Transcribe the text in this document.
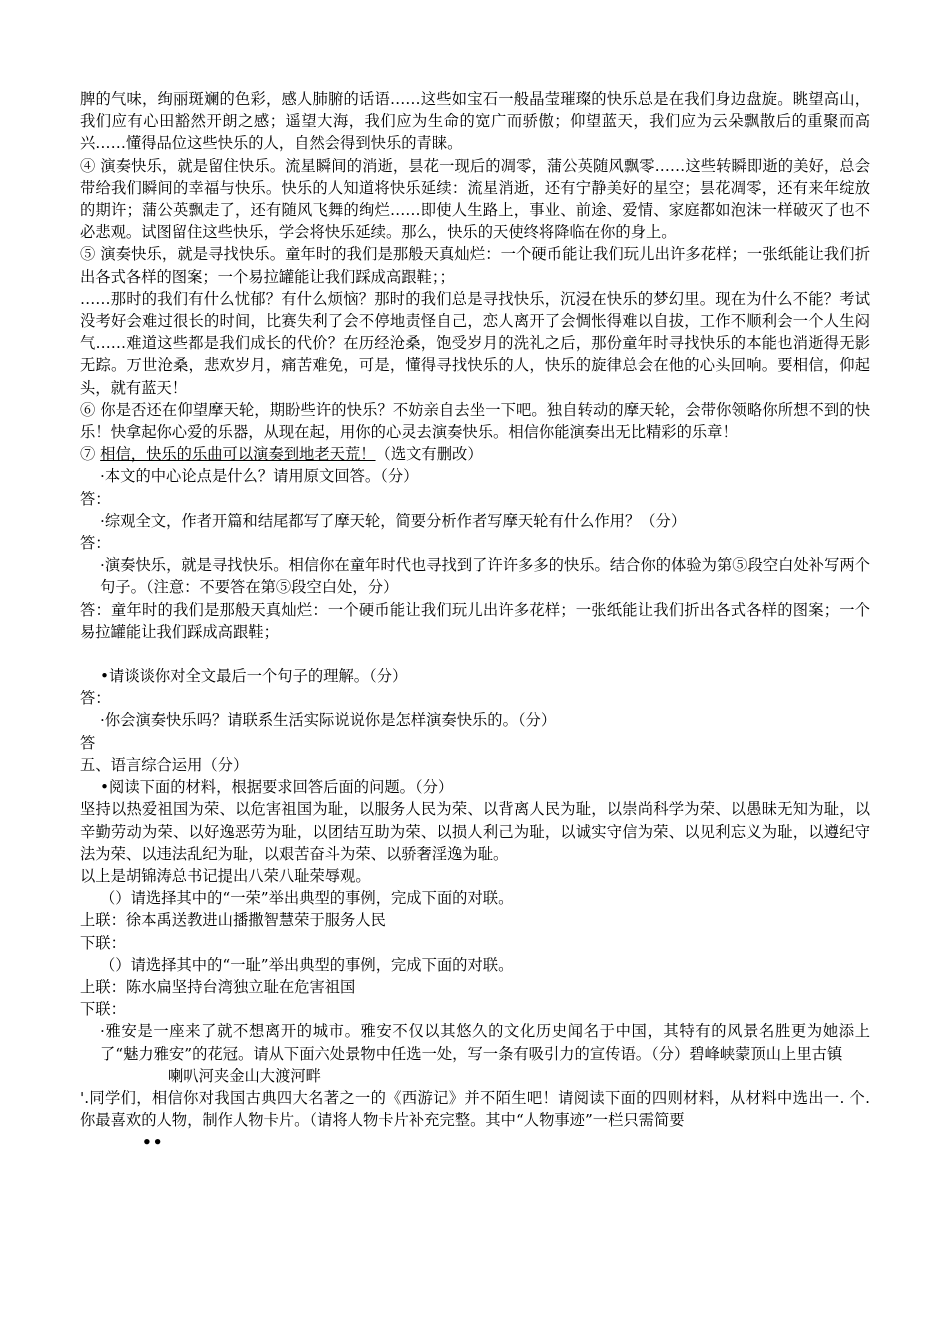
脾的气味，绚丽斑斓的色彩，感人肺腑的话语……这些如宝石一般晶莹璀璨的快乐总是在我们身边盘旋。眺望高山，我们应有心田豁然开朗之感；遥望大海，我们应为生命的宽广而骄傲；仰望蓝天，我们应为云朵飘散后的重聚而高兴……懂得品位这些快乐的人，自然会得到快乐的青睐。

④ 演奏快乐，就是留住快乐。流星瞬间的消逝，昙花一现后的凋零，蒲公英随风飘零……这些转瞬即逝的美好，总会带给我们瞬间的幸福与快乐。快乐的人知道将快乐延续：流星消逝，还有宁静美好的星空；昙花凋零，还有来年绽放的期许；蒲公英飘走了，还有随风飞舞的绚烂……即使人生路上，事业、前途、爱情、家庭都如泡沫一样破灭了也不必悲观。试图留住这些快乐，学会将快乐延续。那么，快乐的天使终将降临在你的身上。

⑤ 演奏快乐，就是寻找快乐。童年时的我们是那般天真灿烂：一个硬币能让我们玩儿出许多花样；一张纸能让我们折出各式各样的图案；一个易拉罐能让我们踩成高跟鞋；；

……那时的我们有什么忧郁？有什么烦恼？那时的我们总是寻找快乐，沉浸在快乐的梦幻里。现在为什么不能？考试没考好会难过很长的时间，比赛失利了会不停地责怪自己，恋人离开了会惆怅得难以自拔，工作不顺利会一个人生闷气……难道这些都是我们成长的代价？在历经沧桑，饱受岁月的洗礼之后，那份童年时寻找快乐的本能也消逝得无影无踪。万世沧桑，悲欢岁月，痛苦难免，可是，懂得寻找快乐的人，快乐的旋律总会在他的心头回响。要相信，仰起头，就有蓝天！

⑥ 你是否还在仰望摩天轮，期盼些许的快乐？不妨亲自去坐一下吧。独自转动的摩天轮，会带你领略你所想不到的快乐！快拿起你心爱的乐器，从现在起，用你的心灵去演奏快乐。相信你能演奏出无比精彩的乐章！

⑦ 相信，快乐的乐曲可以演奏到地老天荒！（选文有删改）

·本文的中心论点是什么？请用原文回答。（分）

答：

·综观全文，作者开篇和结尾都写了摩天轮，简要分析作者写摩天轮有什么作用？（分）

答：

·演奏快乐，就是寻找快乐。相信你在童年时代也寻找到了许许多多的快乐。结合你的体验为第⑤段空白处补写两个句子。（注意：不要答在第⑤段空白处，分）

答：童年时的我们是那般天真灿烂：一个硬币能让我们玩儿出许多花样；一张纸能让我们折出各式各样的图案；一个易拉罐能让我们踩成高跟鞋；

•请谈谈你对全文最后一个句子的理解。（分）

答：

·你会演奏快乐吗？请联系生活实际说说你是怎样演奏快乐的。（分）

答

五、语言综合运用（分）

•阅读下面的材料，根据要求回答后面的问题。（分）

坚持以热爱祖国为荣、以危害祖国为耻，以服务人民为荣、以背离人民为耻，以崇尚科学为荣、以愚昧无知为耻，以辛勤劳动为荣、以好逸恶劳为耻，以团结互助为荣、以损人利己为耻，以诚实守信为荣、以见利忘义为耻，以遵纪守法为荣、以违法乱纪为耻，以艰苦奋斗为荣、以骄奢淫逸为耻。

以上是胡锦涛总书记提出八荣八耻荣辱观。

（）请选择其中的“一荣”举出典型的事例，完成下面的对联。

上联：徐本禹送教进山播撒智慧荣于服务人民

下联：

（）请选择其中的“一耻”举出典型的事例，完成下面的对联。

上联：陈水扁坚持台湾独立耻在危害祖国

下联：

·雅安是一座来了就不想离开的城市。雅安不仅以其悠久的文化历史闻名于中国，其特有的风景名胜更为她添上了“魅力雅安”的花冠。请从下面六处景物中任选一处，写一条有吸引力的宣传语。（分）碧峰峡蒙顶山上里古镇

喇叭河夹金山大渡河畔

'.同学们，相信你对我国古典四大名著之一的《西游记》并不陌生吧！请阅读下面的四则材料，从材料中选出一. 个. 你最喜欢的人物，制作人物卡片。（请将人物卡片补充完整。其中“人物事迹”一栏只需简要

••
